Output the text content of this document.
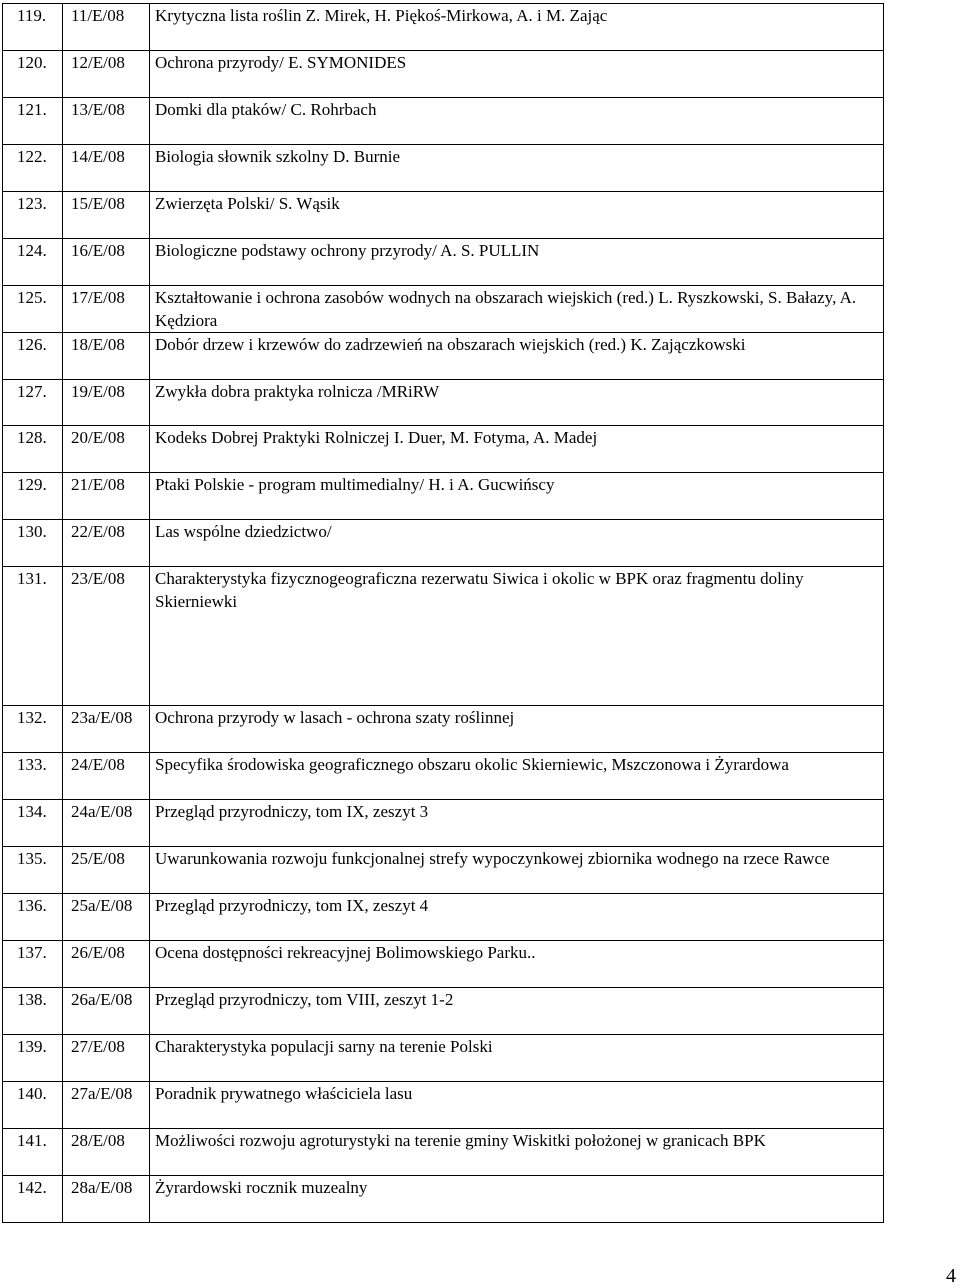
119.	11/E/08	Krytyczna lista roślin Z. Mirek, H. Piękoś-Mirkowa, A. i M. Zając
120.	12/E/08	Ochrona przyrody/ E. SYMONIDES
121.	13/E/08	Domki dla ptaków/ C. Rohrbach
122.	14/E/08	Biologia słownik szkolny D. Burnie
123.	15/E/08	Zwierzęta Polski/ S. Wąsik
124.	16/E/08	Biologiczne podstawy ochrony przyrody/ A. S. PULLIN
125.	17/E/08	Kształtowanie i ochrona zasobów wodnych na obszarach wiejskich (red.) L. Ryszkowski, S. Bałazy, A. Kędziora
126.	18/E/08	Dobór drzew i krzewów do zadrzewień na obszarach wiejskich (red.) K. Zajączkowski
127.	19/E/08	Zwykła dobra praktyka rolnicza /MRiRW
128.	20/E/08	Kodeks Dobrej Praktyki Rolniczej I. Duer, M. Fotyma, A. Madej
129.	21/E/08	Ptaki Polskie - program multimedialny/ H. i A. Gucwińscy
130.	22/E/08	Las wspólne dziedzictwo/
131.	23/E/08	Charakterystyka fizycznogeograficzna rezerwatu Siwica i okolic w BPK oraz fragmentu doliny Skierniewki
132.	23a/E/08	Ochrona przyrody w lasach - ochrona szaty roślinnej
133.	24/E/08	Specyfika środowiska geograficznego obszaru okolic Skierniewic, Mszczonowa i Żyrardowa
134.	24a/E/08	Przegląd przyrodniczy, tom IX, zeszyt 3
135.	25/E/08	Uwarunkowania rozwoju funkcjonalnej strefy wypoczynkowej zbiornika wodnego na rzece Rawce
136.	25a/E/08	Przegląd przyrodniczy, tom IX, zeszyt 4
137.	26/E/08	Ocena dostępności rekreacyjnej Bolimowskiego Parku..
138.	26a/E/08	Przegląd przyrodniczy, tom VIII, zeszyt 1-2
139.	27/E/08	Charakterystyka populacji sarny na terenie Polski
140.	27a/E/08	Poradnik prywatnego właściciela lasu
141.	28/E/08	Możliwości rozwoju agroturystyki na terenie gminy Wiskitki położonej w granicach BPK
142.	28a/E/08	Żyrardowski rocznik muzealny
4
